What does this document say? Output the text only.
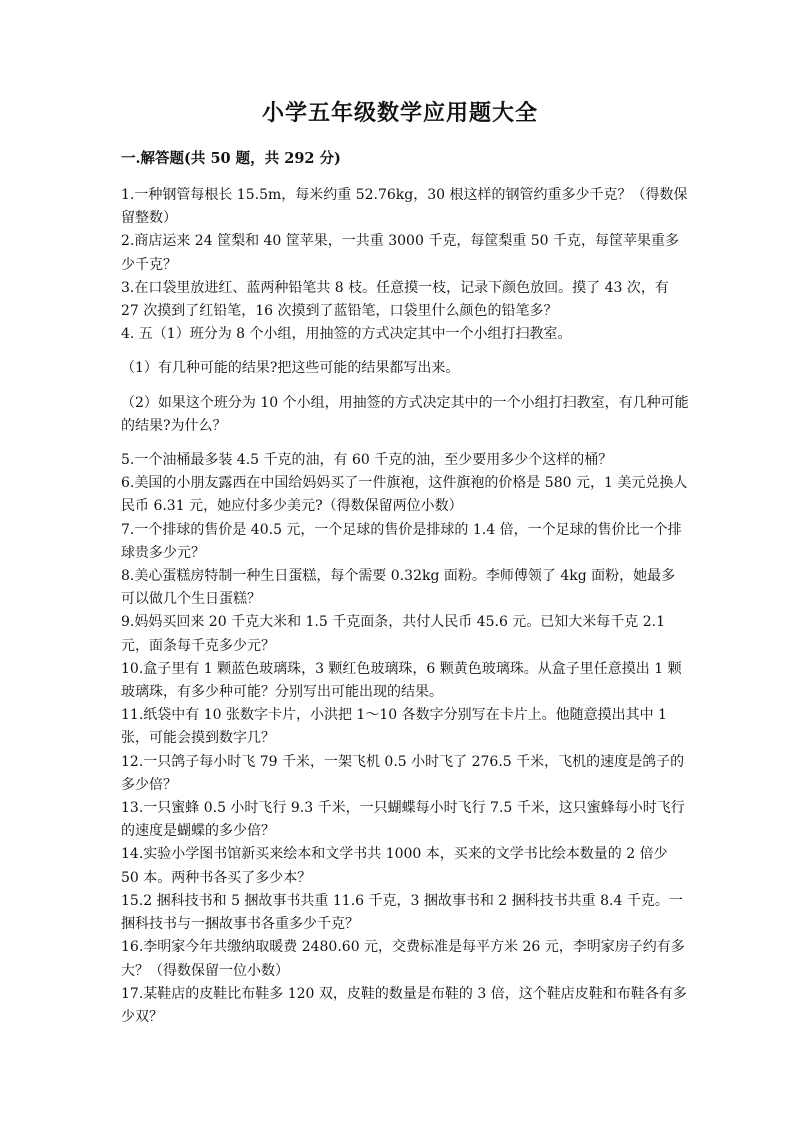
小学五年级数学应用题大全
一.解答题(共 50 题，共 292 分)

1.一种钢管每根长 15.5m，每米约重 52.76kg，30 根这样的钢管约重多少千克？（得数保留整数）

2.商店运来 24 筐梨和 40 筐苹果，一共重 3000 千克，每筐梨重 50 千克，每筐苹果重多少千克？

3.在口袋里放进红、蓝两种铅笔共 8 枝。任意摸一枝，记录下颜色放回。摸了 43 次，有 27 次摸到了红铅笔，16 次摸到了蓝铅笔，口袋里什么颜色的铅笔多？

4. 五（1）班分为 8 个小组，用抽签的方式决定其中一个小组打扫教室。

（1）有几种可能的结果?把这些可能的结果都写出来。

（2）如果这个班分为 10 个小组，用抽签的方式决定其中的一个小组打扫教室，有几种可能的结果?为什么？

5.一个油桶最多装 4.5 千克的油，有 60 千克的油，至少要用多少个这样的桶？

6.美国的小朋友露西在中国给妈妈买了一件旗袍，这件旗袍的价格是 580 元，1 美元兑换人民币 6.31 元，她应付多少美元?（得数保留两位小数）

7.一个排球的售价是 40.5 元，一个足球的售价是排球的 1.4 倍，一个足球的售价比一个排球贵多少元？

8.美心蛋糕房特制一种生日蛋糕，每个需要 0.32kg 面粉。李师傅领了 4kg 面粉，她最多可以做几个生日蛋糕？

9.妈妈买回来 20 千克大米和 1.5 千克面条，共付人民币 45.6 元。已知大米每千克 2.1 元，面条每千克多少元？

10.盒子里有 1 颗蓝色玻璃珠，3 颗红色玻璃珠，6 颗黄色玻璃珠。从盒子里任意摸出 1 颗玻璃珠，有多少种可能？分别写出可能出现的结果。

11.纸袋中有 10 张数字卡片，小洪把 1～10 各数字分别写在卡片上。他随意摸出其中 1 张，可能会摸到数字几？

12.一只鸽子每小时飞 79 千米，一架飞机 0.5 小时飞了 276.5 千米，飞机的速度是鸽子的多少倍？

13.一只蜜蜂 0.5 小时飞行 9.3 千米，一只蝴蝶每小时飞行 7.5 千米，这只蜜蜂每小时飞行的速度是蝴蝶的多少倍？

14.实验小学图书馆新买来绘本和文学书共 1000 本，买来的文学书比绘本数量的 2 倍少 50 本。两种书各买了多少本？

15.2 捆科技书和 5 捆故事书共重 11.6 千克，3 捆故事书和 2 捆科技书共重 8.4 千克。一捆科技书与一捆故事书各重多少千克？

16.李明家今年共缴纳取暖费 2480.60 元，交费标准是每平方米 26 元，李明家房子约有多大？（得数保留一位小数）

17.某鞋店的皮鞋比布鞋多 120 双，皮鞋的数量是布鞋的 3 倍，这个鞋店皮鞋和布鞋各有多少双？
